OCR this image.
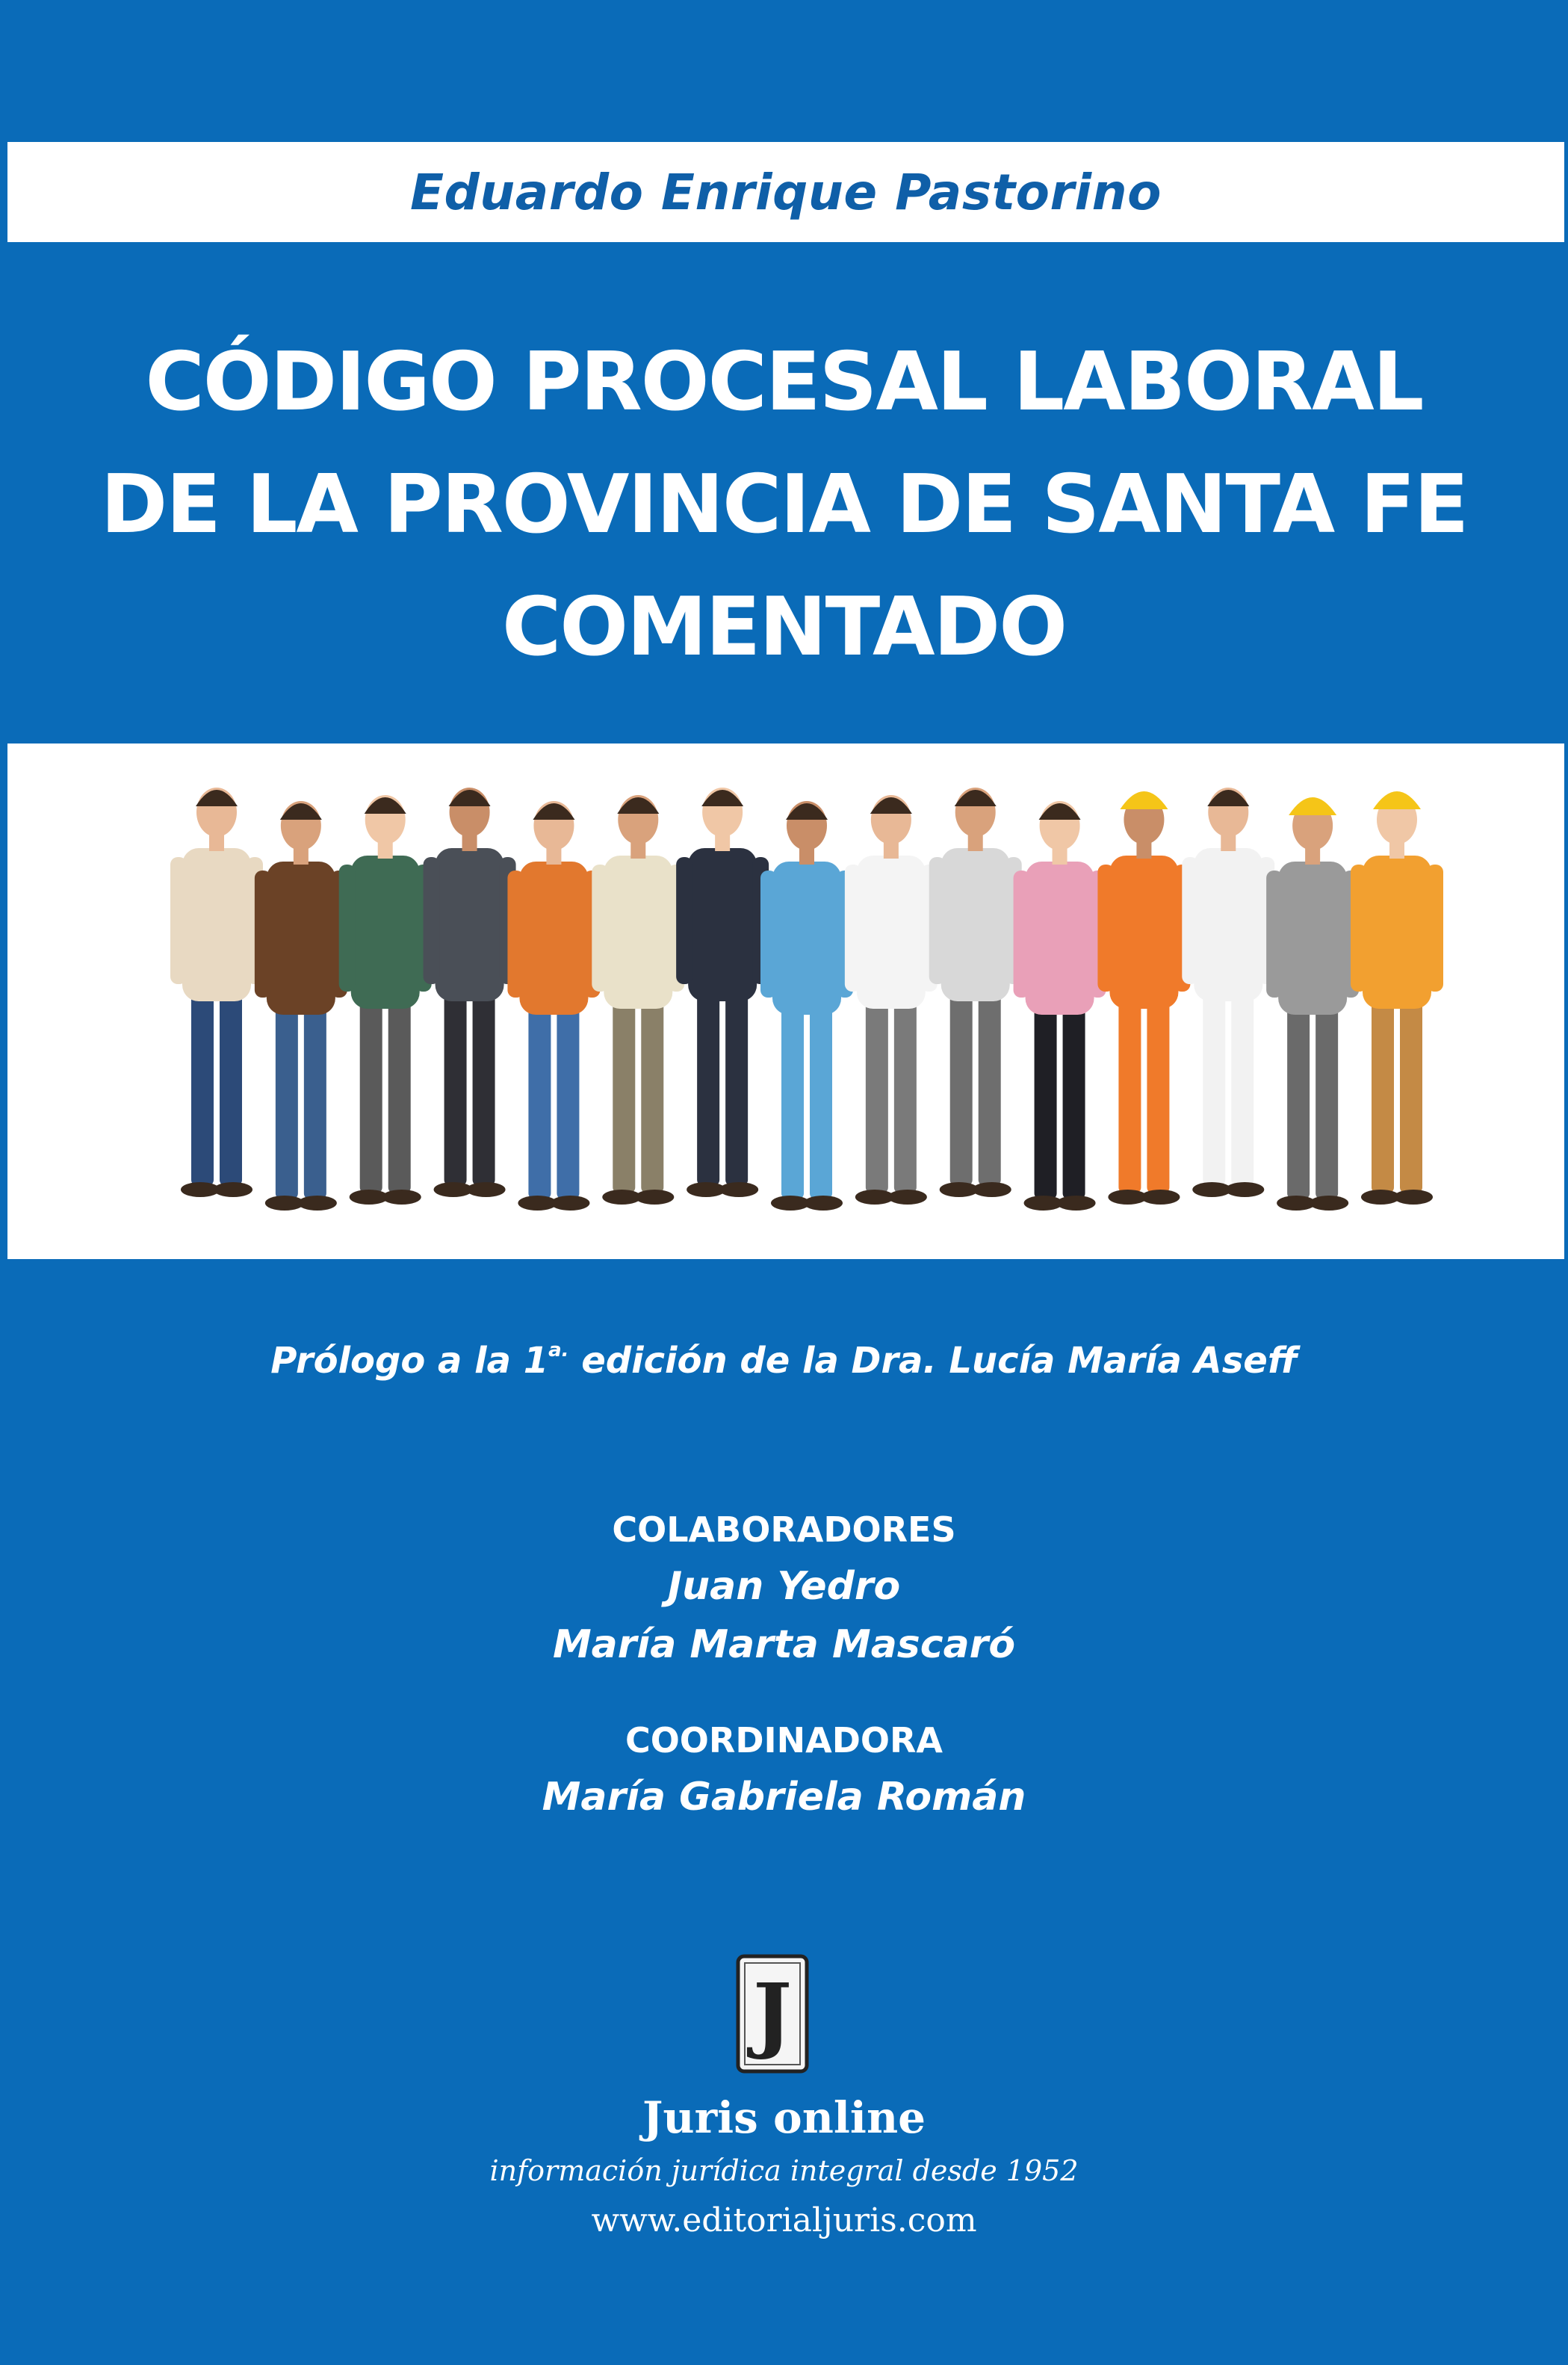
Eduardo Enrique Pastorino
CÓDIGO PROCESAL LABORAL
DE LA PROVINCIA DE SANTA FE
COMENTADO
Prólogo a la $1^{a.}$ edición de la Dra. Lucía María Aseff
COLABORADORES
Juan Yedro
María Marta Mascaró
COORDINADORA
María Gabriela Román
J
Juris online
información jurídica integral desde 1952
www.editorialjuris.com
